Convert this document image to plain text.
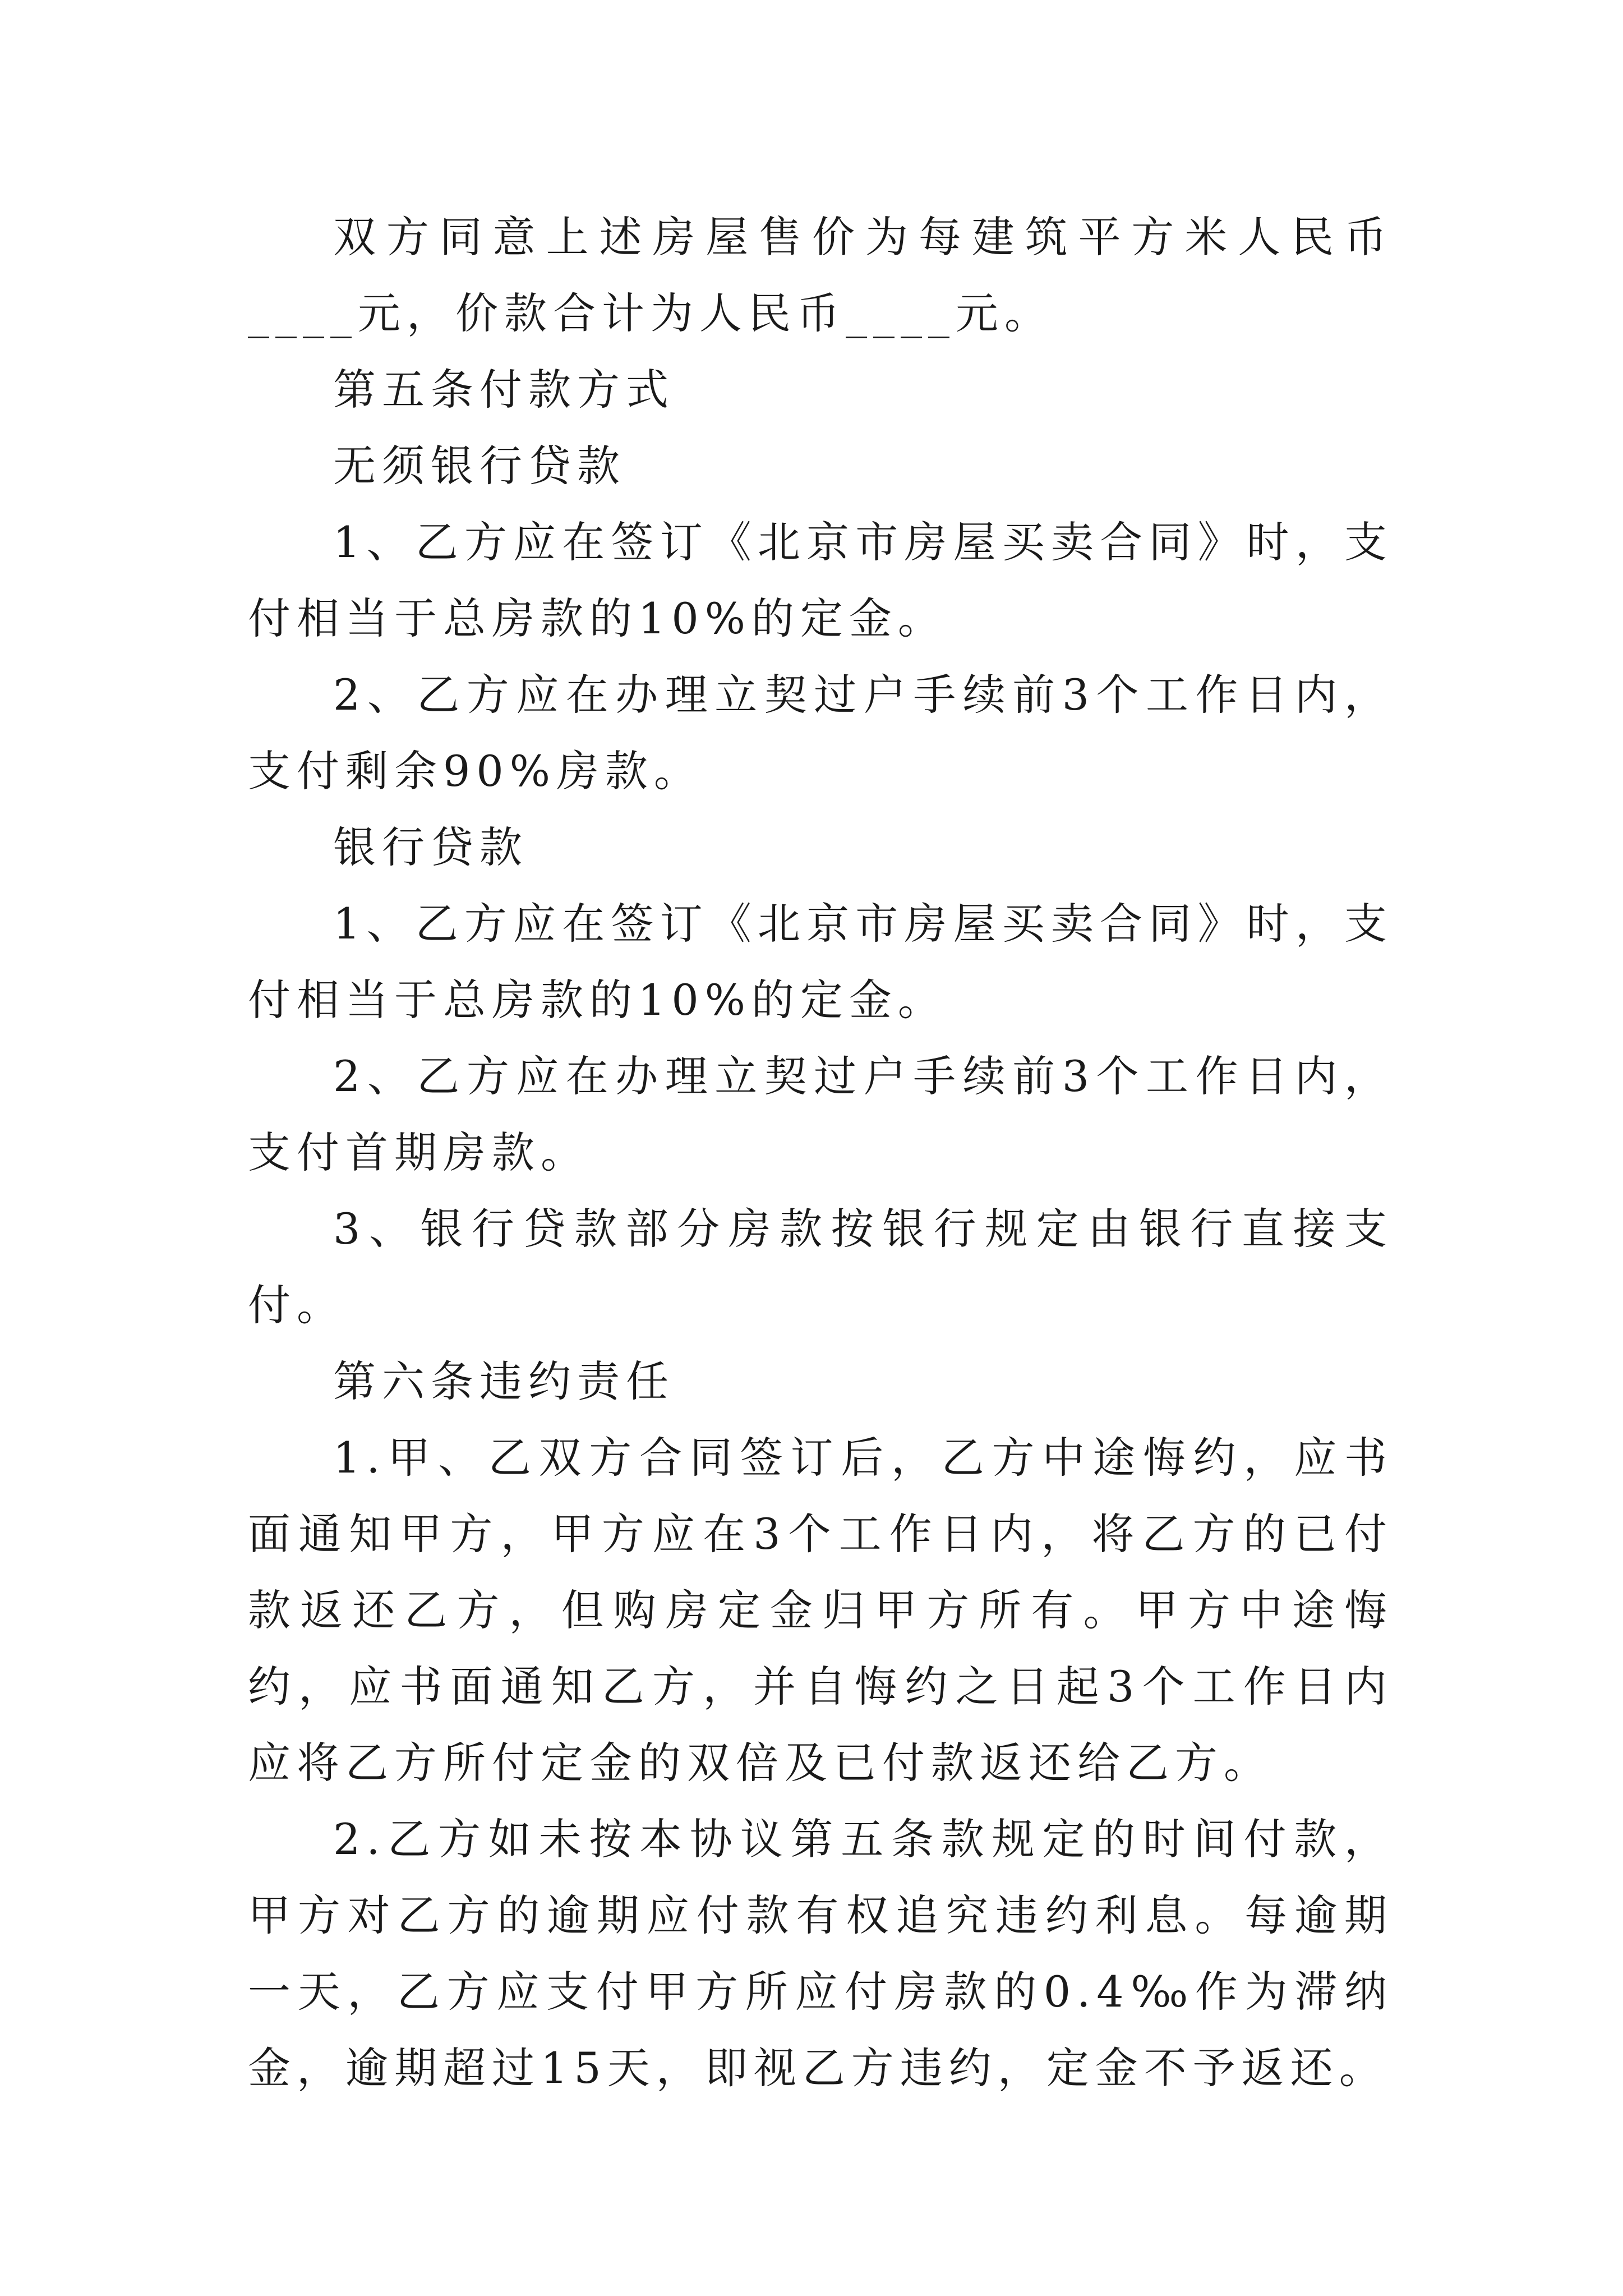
双方同意上述房屋售价为每建筑平方米人民币____元，价款合计为人民币____元。

第五条付款方式

无须银行贷款

1、乙方应在签订《北京市房屋买卖合同》时，支付相当于总房款的10%的定金。

2、乙方应在办理立契过户手续前3个工作日内，支付剩余90%房款。

银行贷款

1、乙方应在签订《北京市房屋买卖合同》时，支付相当于总房款的10%的定金。

2、乙方应在办理立契过户手续前3个工作日内，支付首期房款。

3、银行贷款部分房款按银行规定由银行直接支付。

第六条违约责任

1.甲、乙双方合同签订后，乙方中途悔约，应书面通知甲方，甲方应在3个工作日内，将乙方的已付款返还乙方，但购房定金归甲方所有。甲方中途悔约，应书面通知乙方，并自悔约之日起3个工作日内应将乙方所付定金的双倍及已付款返还给乙方。

2.乙方如未按本协议第五条款规定的时间付款，甲方对乙方的逾期应付款有权追究违约利息。每逾期一天，乙方应支付甲方所应付房款的0.4‰作为滞纳金，逾期超过15天，即视乙方违约，定金不予返还。
